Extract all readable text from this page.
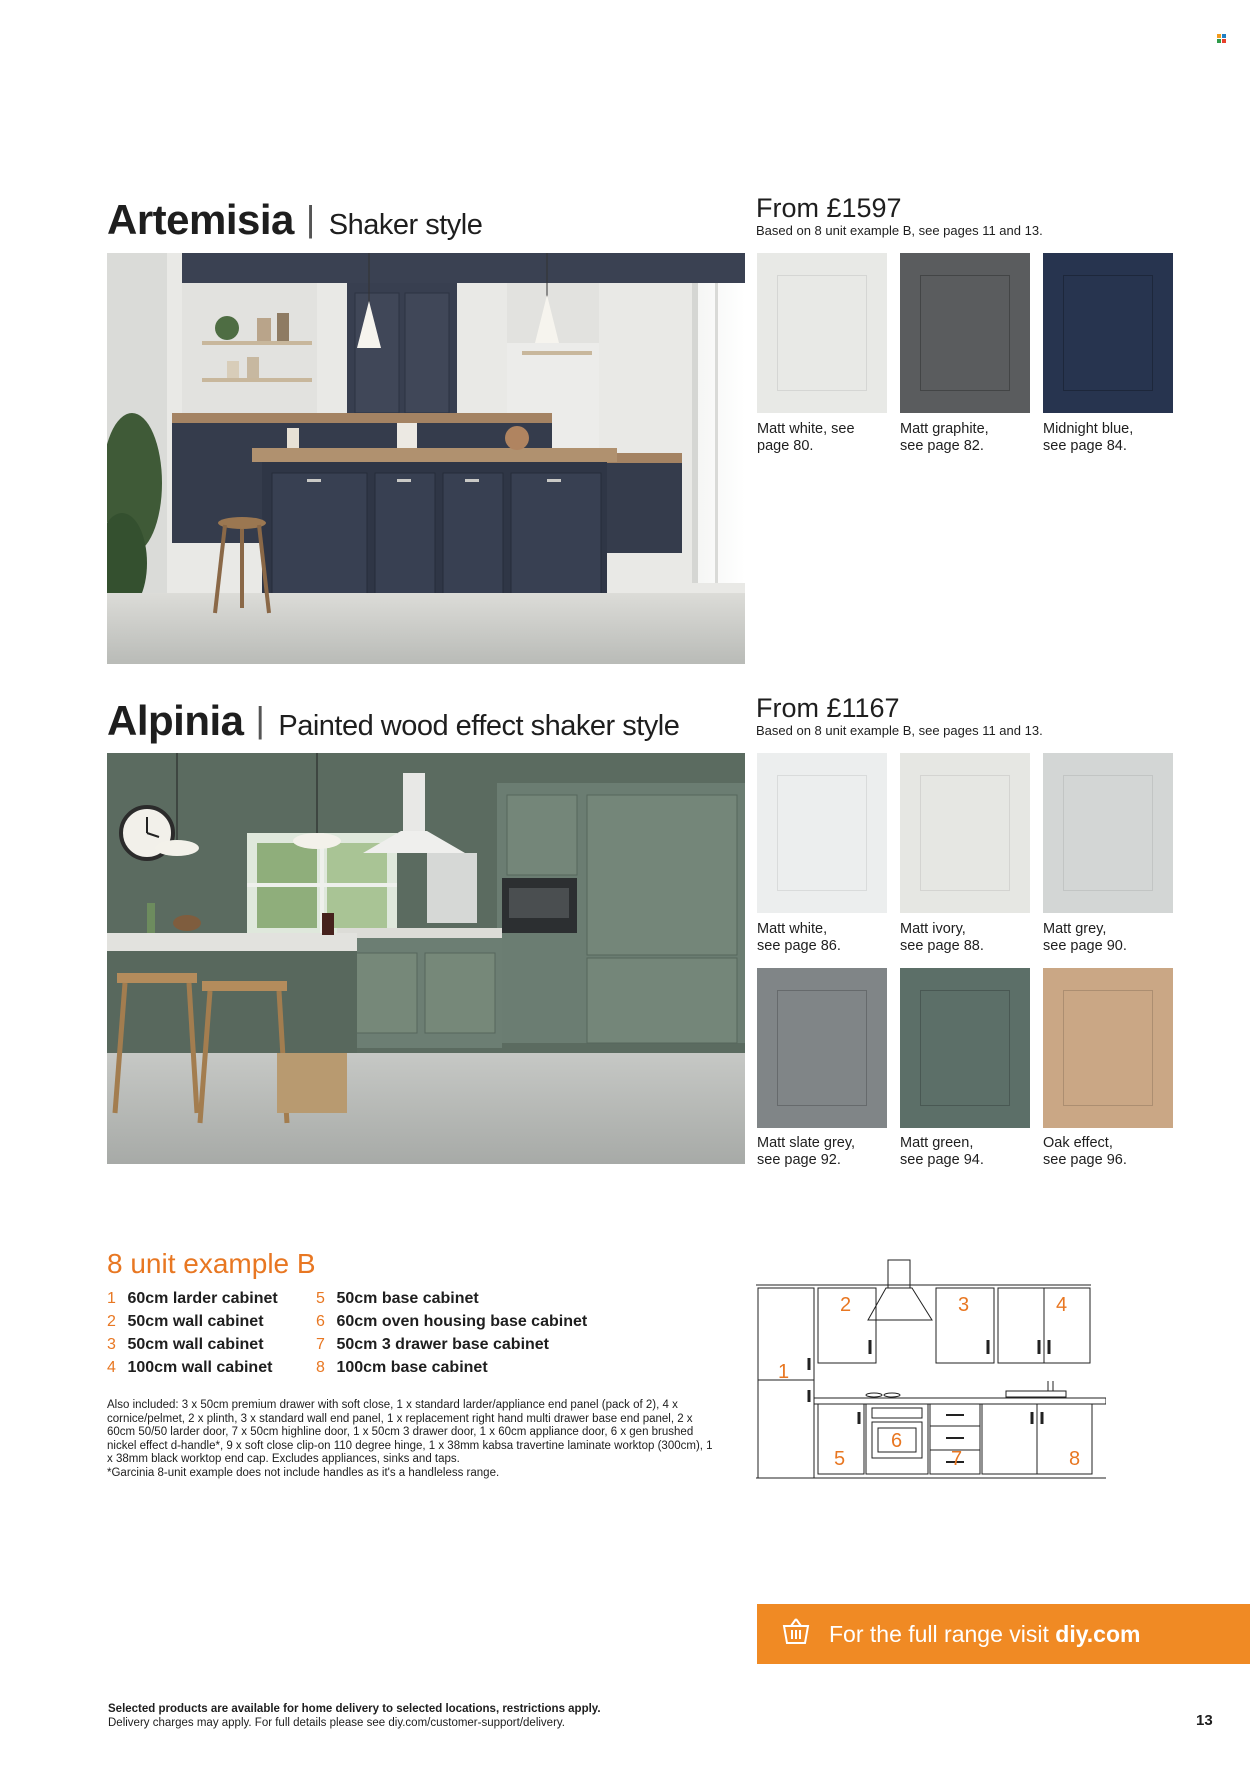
Artemisia | Shaker style
From £1597
Based on 8 unit example B, see pages 11 and 13.
Matt white, see
page 80.
Matt graphite,
see page 82.
Midnight blue,
see page 84.
Alpinia | Painted wood effect shaker style
From £1167
Based on 8 unit example B, see pages 11 and 13.
Matt white,
see page 86.
Matt ivory,
see page 88.
Matt grey,
see page 90.
Matt slate grey,
see page 92.
Matt green,
see page 94.
Oak effect,
see page 96.
8 unit example B
1 60cm larder cabinet
2 50cm wall cabinet
3 50cm wall cabinet
4 100cm wall cabinet
5 50cm base cabinet
6 60cm oven housing base cabinet
7 50cm 3 drawer base cabinet
8 100cm base cabinet
Also included: 3 x 50cm premium drawer with soft close, 1 x standard larder/appliance end panel (pack of 2), 4 x cornice/pelmet, 2 x plinth, 3 x standard wall end panel, 1 x replacement right hand multi drawer base end panel, 2 x 60cm 50/50 larder door, 7 x 50cm highline door, 1 x 50cm 3 drawer door, 1 x 60cm appliance door, 6 x gen brushed nickel effect d-handle*, 9 x soft close clip-on 110 degree hinge, 1 x 38mm kabsa travertine laminate worktop (300cm), 1 x 38mm black worktop end cap. Excludes appliances, sinks and taps.
*Garcinia 8-unit example does not include handles as it's a handleless range.
1
2	3	4
5
6
7	8
For the full range visit diy.com
Selected products are available for home delivery to selected locations, restrictions apply.
Delivery charges may apply. For full details please see diy.com/customer-support/delivery.	13
